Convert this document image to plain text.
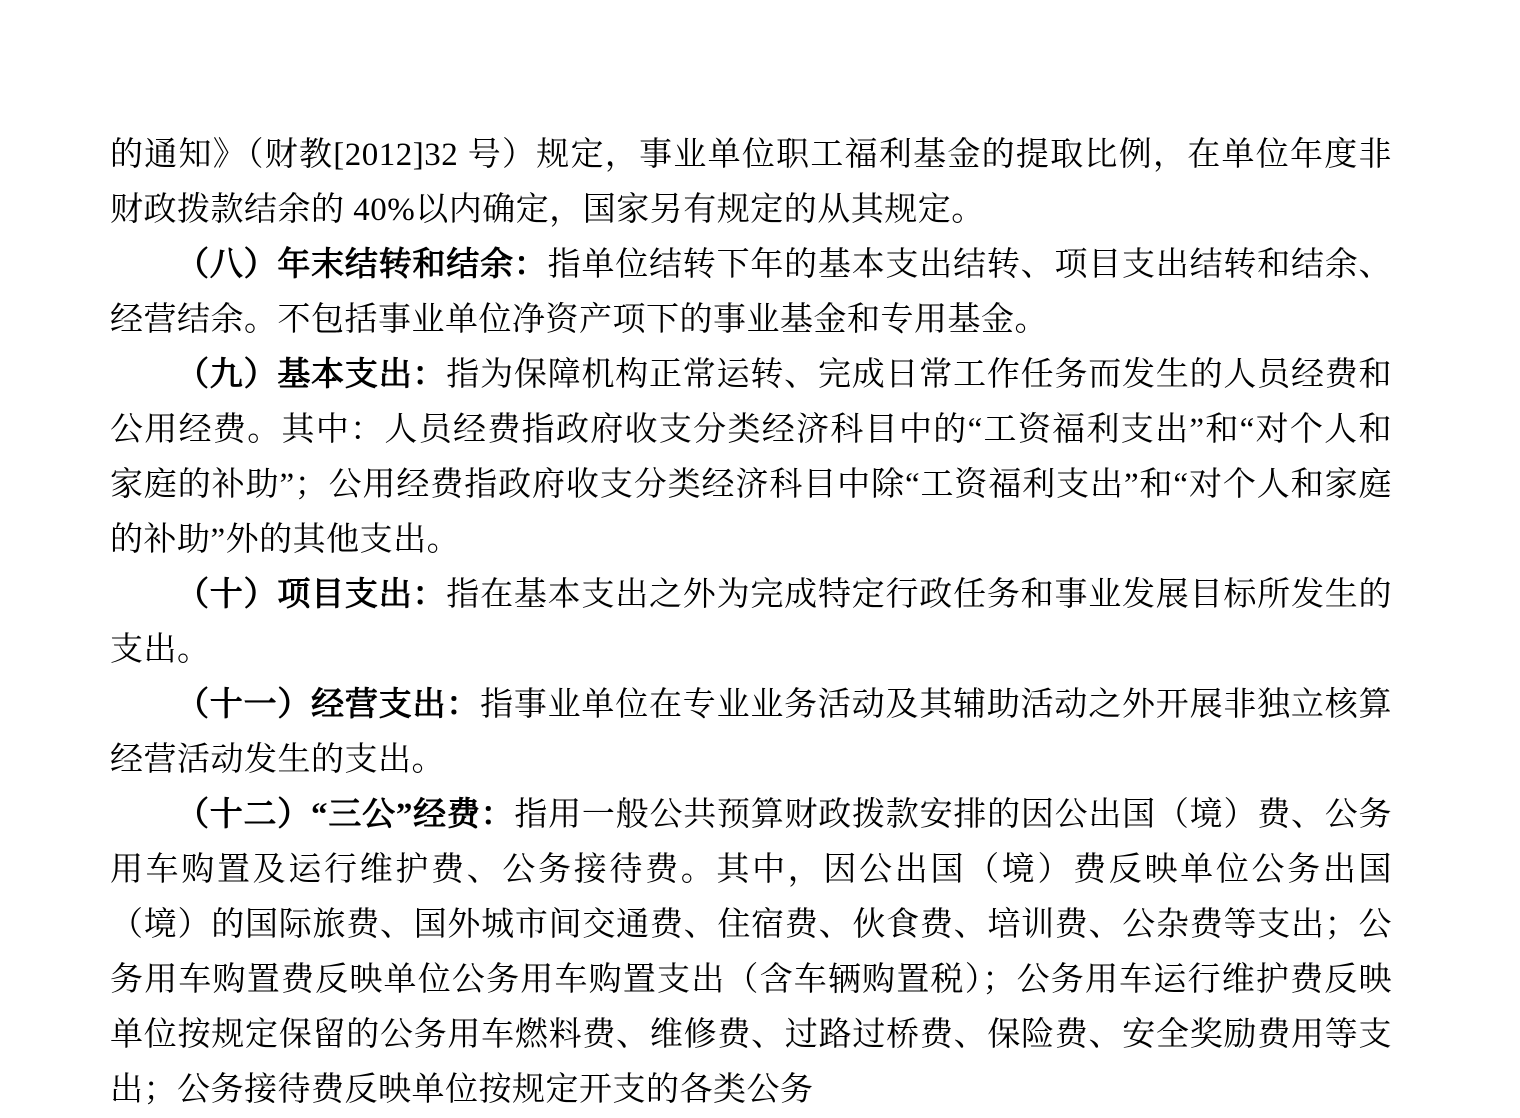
的通知》（财教[2012]32 号）规定，事业单位职工福利基金的提取比例，在单位年度非财政拨款结余的 40%以内确定，国家另有规定的从其规定。

（八）年末结转和结余：指单位结转下年的基本支出结转、项目支出结转和结余、经营结余。不包括事业单位净资产项下的事业基金和专用基金。

（九）基本支出：指为保障机构正常运转、完成日常工作任务而发生的人员经费和公用经费。其中：人员经费指政府收支分类经济科目中的“工资福利支出”和“对个人和家庭的补助”；公用经费指政府收支分类经济科目中除“工资福利支出”和“对个人和家庭的补助”外的其他支出。

（十）项目支出：指在基本支出之外为完成特定行政任务和事业发展目标所发生的支出。

（十一）经营支出：指事业单位在专业业务活动及其辅助活动之外开展非独立核算经营活动发生的支出。

（十二）“三公”经费：指用一般公共预算财政拨款安排的因公出国（境）费、公务用车购置及运行维护费、公务接待费。其中，因公出国（境）费反映单位公务出国（境）的国际旅费、国外城市间交通费、住宿费、伙食费、培训费、公杂费等支出；公务用车购置费反映单位公务用车购置支出（含车辆购置税）；公务用车运行维护费反映单位按规定保留的公务用车燃料费、维修费、过路过桥费、保险费、安全奖励费用等支出；公务接待费反映单位按规定开支的各类公务
